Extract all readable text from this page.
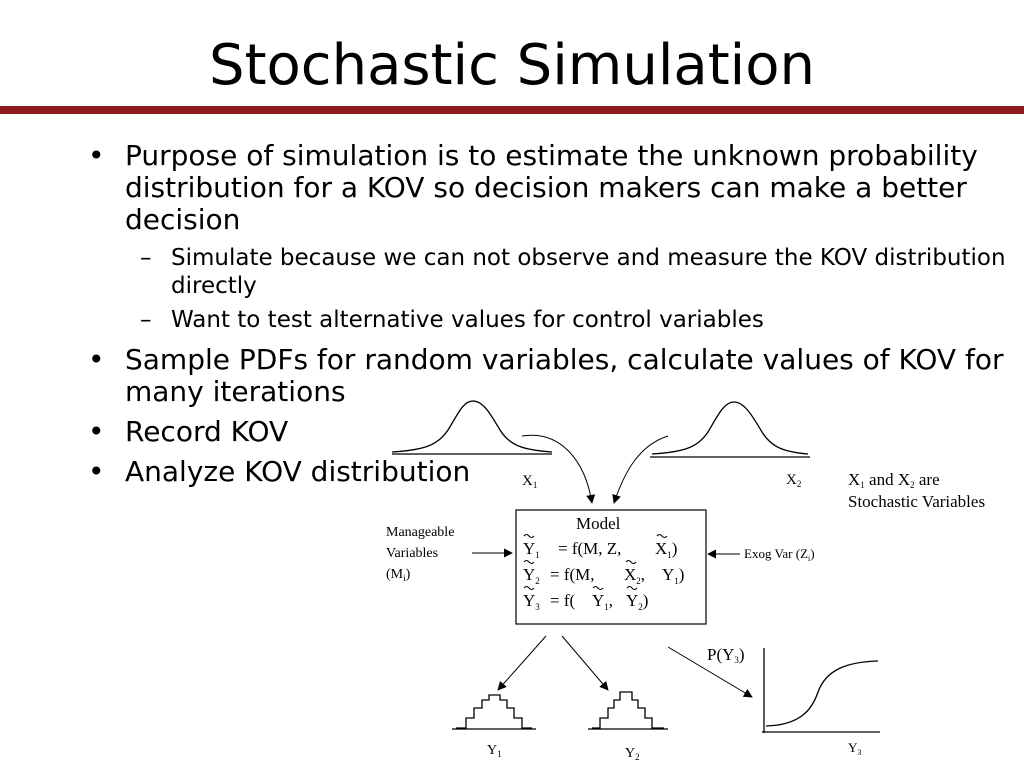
Stochastic Simulation
• Purpose of simulation is to estimate the unknown probability distribution for a KOV so decision makers can make a better decision
– Simulate because we can not observe and measure the KOV distribution directly
– Want to test alternative values for control variables
• Sample PDFs for random variables, calculate values of KOV for many iterations
• Record KOV
• Analyze KOV distribution	$X_1$	$X_2$	X1 and X2 are
Stochastic Variables
Model
$Y_1 = f(M$, Z, $X_1$)
$Y_2 = f(M$, $X_2$, $Y_1$)
$Y_3 = f$( $Y_1$, $Y_2$)
Manageable
Variables
$(M_i)$
Exog Var $(Z_i)$
$Y_1$	$Y_2$
P(Y3)
$Y_3$
